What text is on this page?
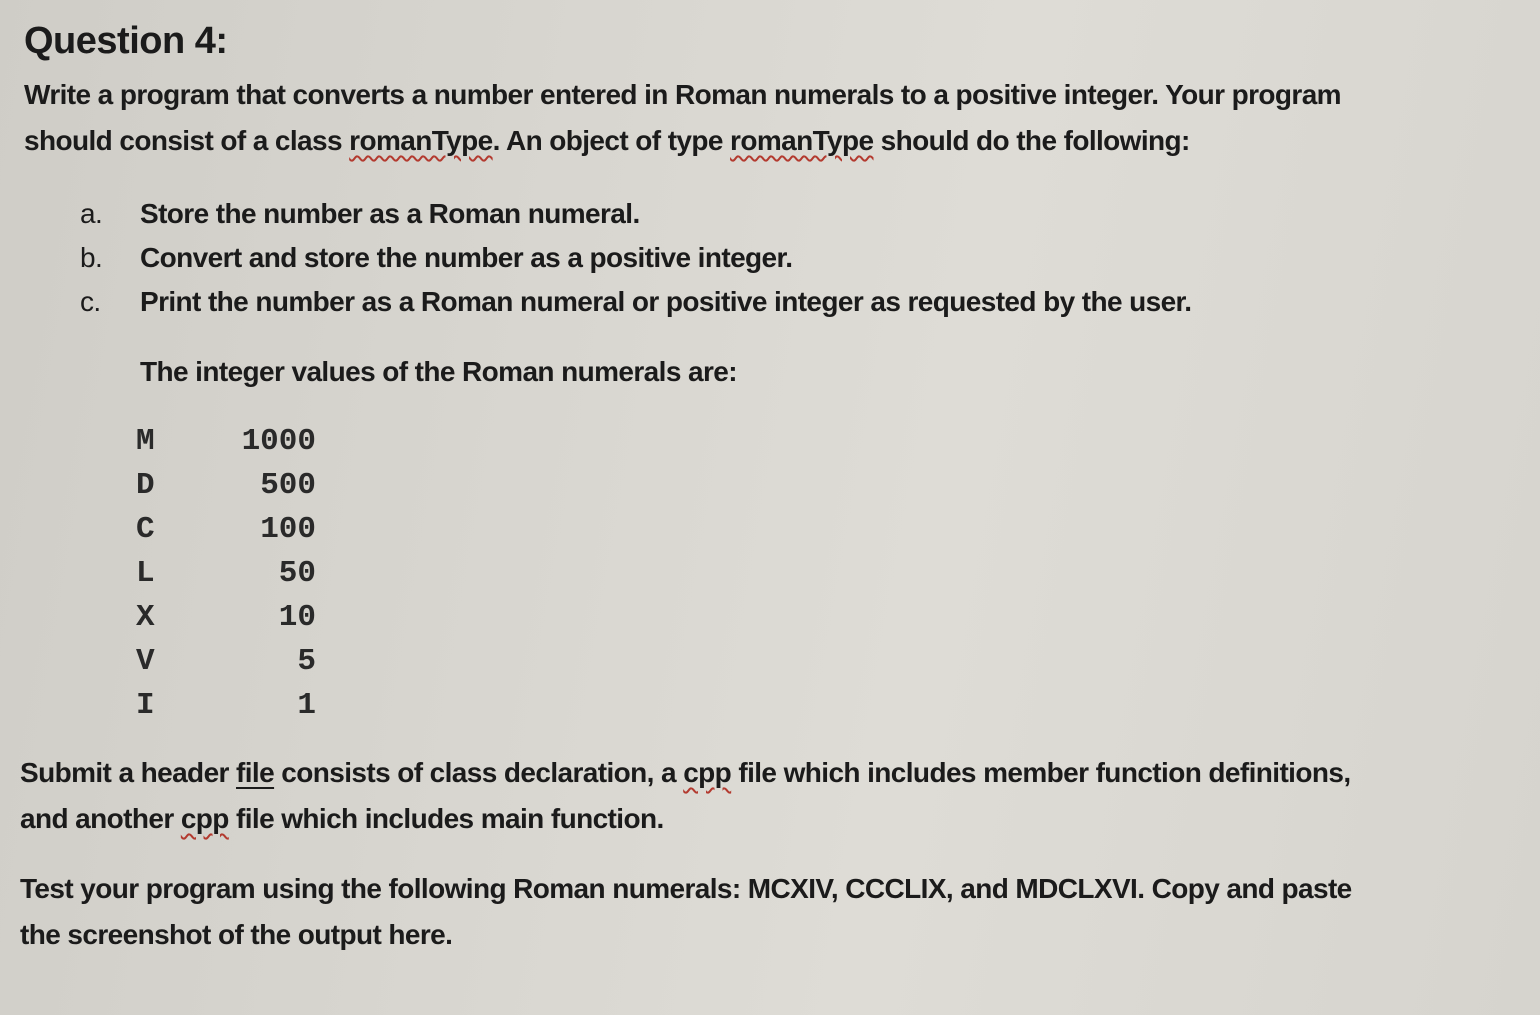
Question 4:

Write a program that converts a number entered in Roman numerals to a positive integer. Your program
should consist of a class romanType. An object of type romanType should do the following:

a. Store the number as a Roman numeral.
b. Convert and store the number as a positive integer.
c. Print the number as a Roman numeral or positive integer as requested by the user.

The integer values of the Roman numerals are:

M	1000
D	500
C	100
L	50
X	10
V	5
I	1

Submit a header file consists of class declaration, a cpp file which includes member function definitions,
and another cpp file which includes main function.

Test your program using the following Roman numerals: MCXIV, CCCLIX, and MDCLXVI. Copy and paste
the screenshot of the output here.
